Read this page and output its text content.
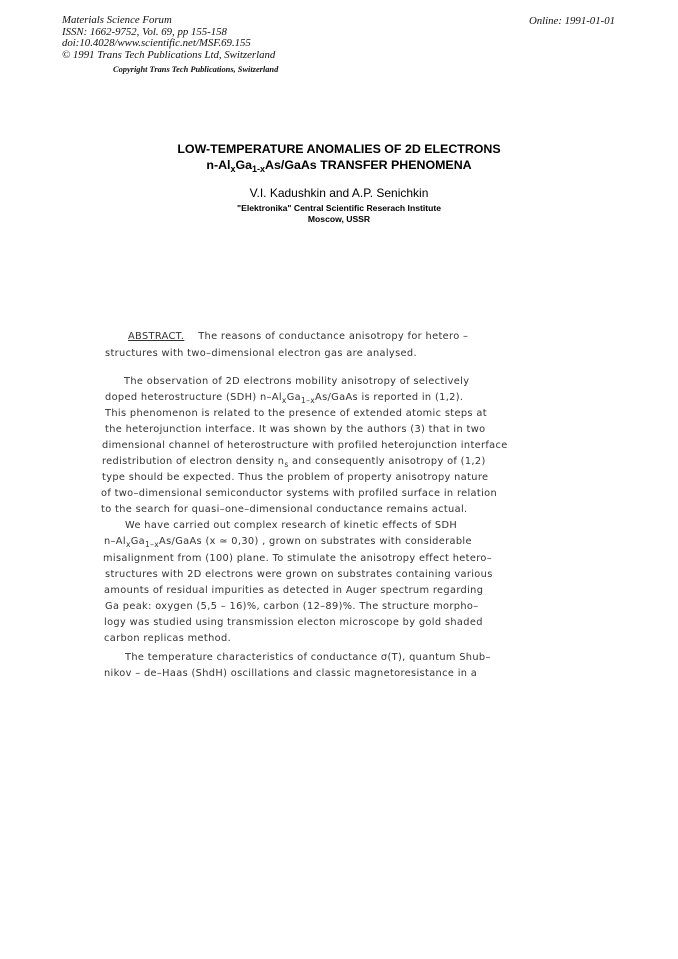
Materials Science Forum
ISSN: 1662-9752, Vol. 69, pp 155-158
doi:10.4028/www.scientific.net/MSF.69.155
© 1991 Trans Tech Publications Ltd, Switzerland
Online: 1991-01-01
Copyright Trans Tech Publications, Switzerland
LOW-TEMPERATURE ANOMALIES OF 2D ELECTRONS
$n-Al_xGa_{1-x}As$/GaAs TRANSFER PHENOMENA
V.I. Kadushkin and A.P. Senichkin
"Elektronika" Central Scientific Reserach Institute
Moscow, USSR
ABSTRACT. The reasons of conductance anisotropy for hetero –
structures with two–dimensional electron gas are analysed.
The observation of 2D electrons mobility anisotropy of selectively
doped heterostructure (SDH) $n-Al_xGa_{1-x}As$/GaAs is reported in (1,2).
This phenomenon is related to the presence of extended atomic steps at
the heterojunction interface. It was shown by the authors (3) that in two
dimensional channel of heterostructure with profiled heterojunction interface
redistribution of electron density $n_s$ and consequently anisotropy of (1,2)
type should be expected. Thus the problem of property anisotropy nature
of two–dimensional semiconductor systems with profiled surface in relation
to the search for quasi–one–dimensional conductance remains actual.
We have carried out complex research of kinetic effects of SDH
$n-Al_xGa_{1-x}As$/GaAs (x ≃ 0,30) , grown on substrates with considerable
misalignment from (100) plane. To stimulate the anisotropy effect hetero–
structures with 2D electrons were grown on substrates containing various
amounts of residual impurities as detected in Auger spectrum regarding
Ga peak: oxygen (5,5 – 16)%, carbon (12–89)%. The structure morpho–
logy was studied using transmission electon microscope by gold shaded
carbon replicas method.
The temperature characteristics of conductance σ(T), quantum Shub–
nikov – de–Haas (ShdH) oscillations and classic magnetoresistance in a
